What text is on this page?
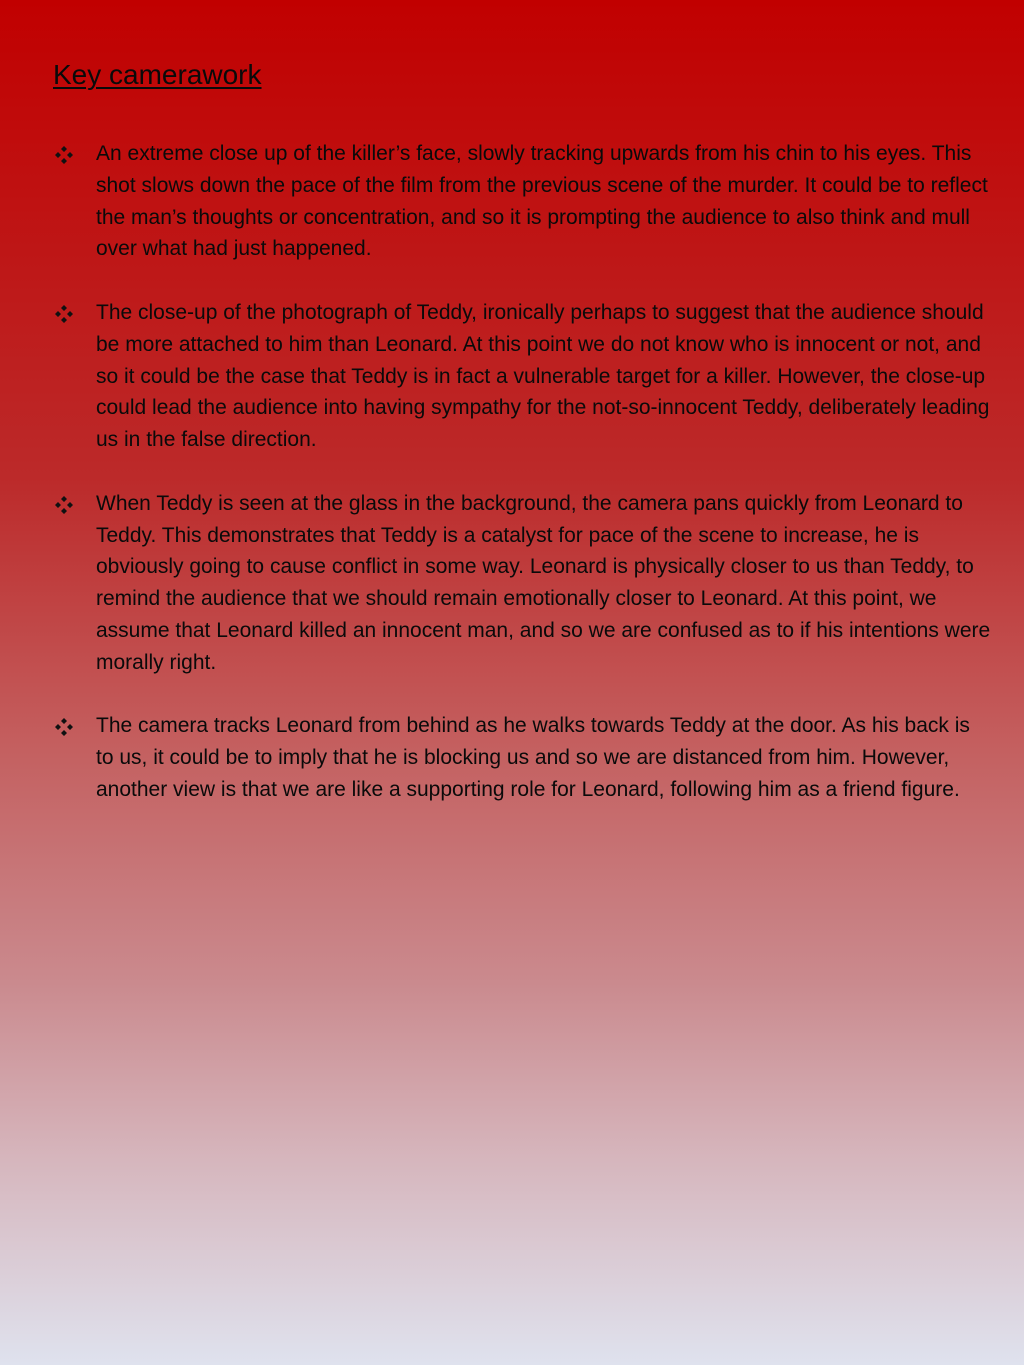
Key camerawork
An extreme close up of the killer’s face, slowly tracking upwards from his chin to his eyes. This shot slows down the pace of the film from the previous scene of the murder. It could be to reflect the man’s thoughts or concentration, and so it is prompting the audience to also think and mull over what had just happened.
The close-up of the photograph of Teddy, ironically perhaps to suggest that the audience should be more attached to him than Leonard. At this point we do not know who is innocent or not, and so it could be the case that Teddy is in fact a vulnerable target for a killer. However, the close-up could lead the audience into having sympathy for the not-so-innocent Teddy, deliberately leading us in the false direction.
When Teddy is seen at the glass in the background, the camera pans quickly from Leonard to Teddy. This demonstrates that Teddy is a catalyst for pace of the scene to increase, he is obviously going to cause conflict in some way. Leonard is physically closer to us than Teddy, to remind the audience that we should remain emotionally closer to Leonard. At this point, we assume that Leonard killed an innocent man, and so we are confused as to if his intentions were morally right.
The camera tracks Leonard from behind as he walks towards Teddy at the door. As his back is to us, it could be to imply that he is blocking us and so we are distanced from him. However, another view is that we are like a supporting role for Leonard, following him as a friend figure.
